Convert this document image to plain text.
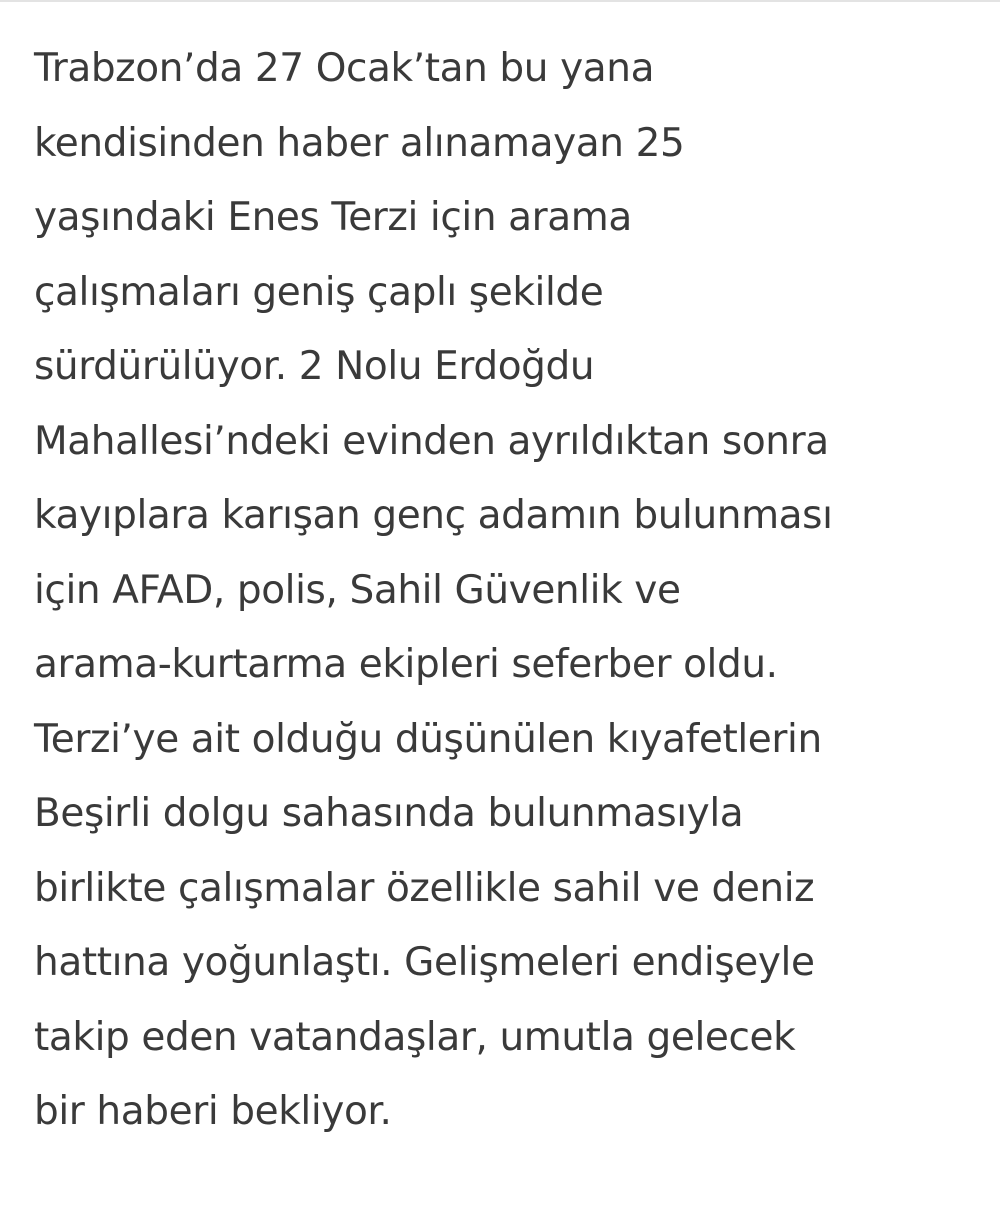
Trabzon’da 27 Ocak’tan bu yana
kendisinden haber alınamayan 25
yaşındaki Enes Terzi için arama
çalışmaları geniş çaplı şekilde
sürdürülüyor. 2 Nolu Erdoğdu
Mahallesi’ndeki evinden ayrıldıktan sonra
kayıplara karışan genç adamın bulunması
için AFAD, polis, Sahil Güvenlik ve
arama-kurtarma ekipleri seferber oldu.
Terzi’ye ait olduğu düşünülen kıyafetlerin
Beşirli dolgu sahasında bulunmasıyla
birlikte çalışmalar özellikle sahil ve deniz
hattına yoğunlaştı. Gelişmeleri endişeyle
takip eden vatandaşlar, umutla gelecek
bir haberi bekliyor.
